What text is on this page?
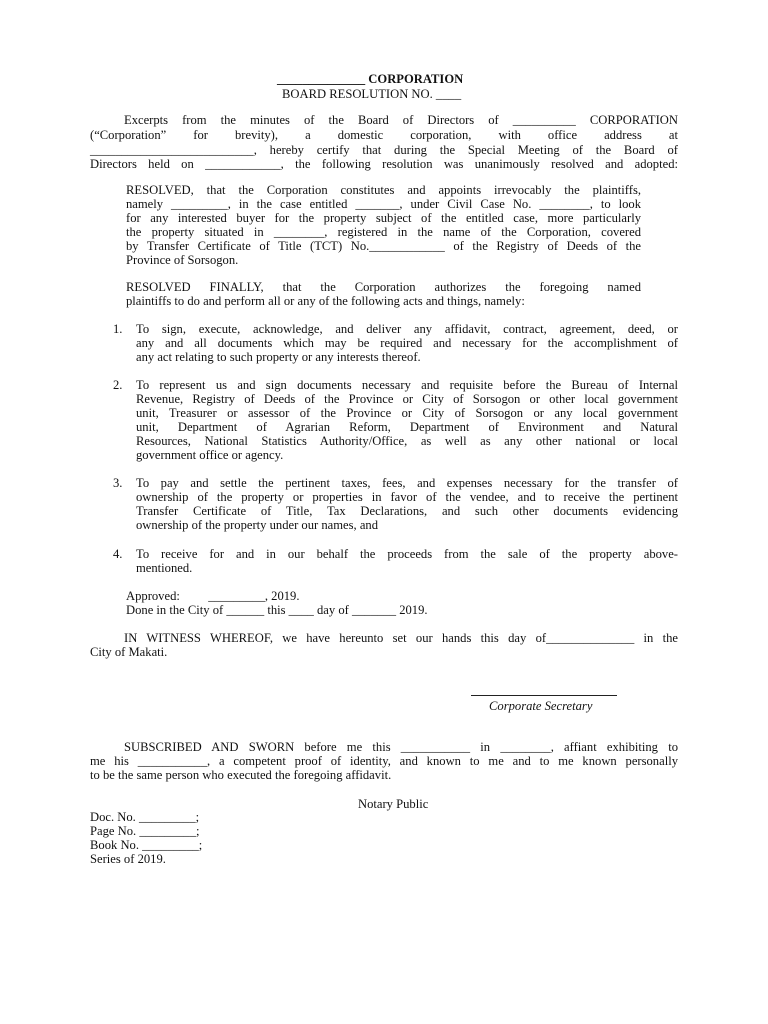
______________ CORPORATION
BOARD RESOLUTION NO. ____
Excerpts from the minutes of the Board of Directors of __________ CORPORATION
(“Corporation” for brevity), a domestic corporation, with office address at
__________________________, hereby certify that during the Special Meeting of the Board of
Directors held on ____________, the following resolution was unanimously resolved and adopted:
RESOLVED, that the Corporation constitutes and appoints irrevocably the plaintiffs,
namely _________, in the case entitled _______, under Civil Case No. ________, to look
for any interested buyer for the property subject of the entitled case, more particularly
the property situated in ________, registered in the name of the Corporation, covered
by Transfer Certificate of Title (TCT) No.____________ of the Registry of Deeds of the
Province of Sorsogon.
RESOLVED FINALLY, that the Corporation authorizes the foregoing named
plaintiffs to do and perform all or any of the following acts and things, namely:
1. To sign, execute, acknowledge, and deliver any affidavit, contract, agreement, deed, or
any and all documents which may be required and necessary for the accomplishment of
any act relating to such property or any interests thereof.
2. To represent us and sign documents necessary and requisite before the Bureau of Internal
Revenue, Registry of Deeds of the Province or City of Sorsogon or other local government
unit, Treasurer or assessor of the Province or City of Sorsogon or any local government
unit, Department of Agrarian Reform, Department of Environment and Natural
Resources, National Statistics Authority/Office, as well as any other national or local
government office or agency.
3. To pay and settle the pertinent taxes, fees, and expenses necessary for the transfer of
ownership of the property or properties in favor of the vendee, and to receive the pertinent
Transfer Certificate of Title, Tax Declarations, and such other documents evidencing
ownership of the property under our names, and
4. To receive for and in our behalf the proceeds from the sale of the property above-
mentioned.
Approved:         _________, 2019.
Done in the City of ______ this ____ day of _______ 2019.
IN WITNESS WHEREOF, we have hereunto set our hands this day of______________ in the
City of Makati.
Corporate Secretary
SUBSCRIBED AND SWORN before me this ___________ in ________, affiant exhibiting to
me his ___________, a competent proof of identity, and known to me and to me known personally
to be the same person who executed the foregoing affidavit.
Notary Public
Doc. No. _________;
Page No. _________;
Book No. _________;
Series of 2019.
